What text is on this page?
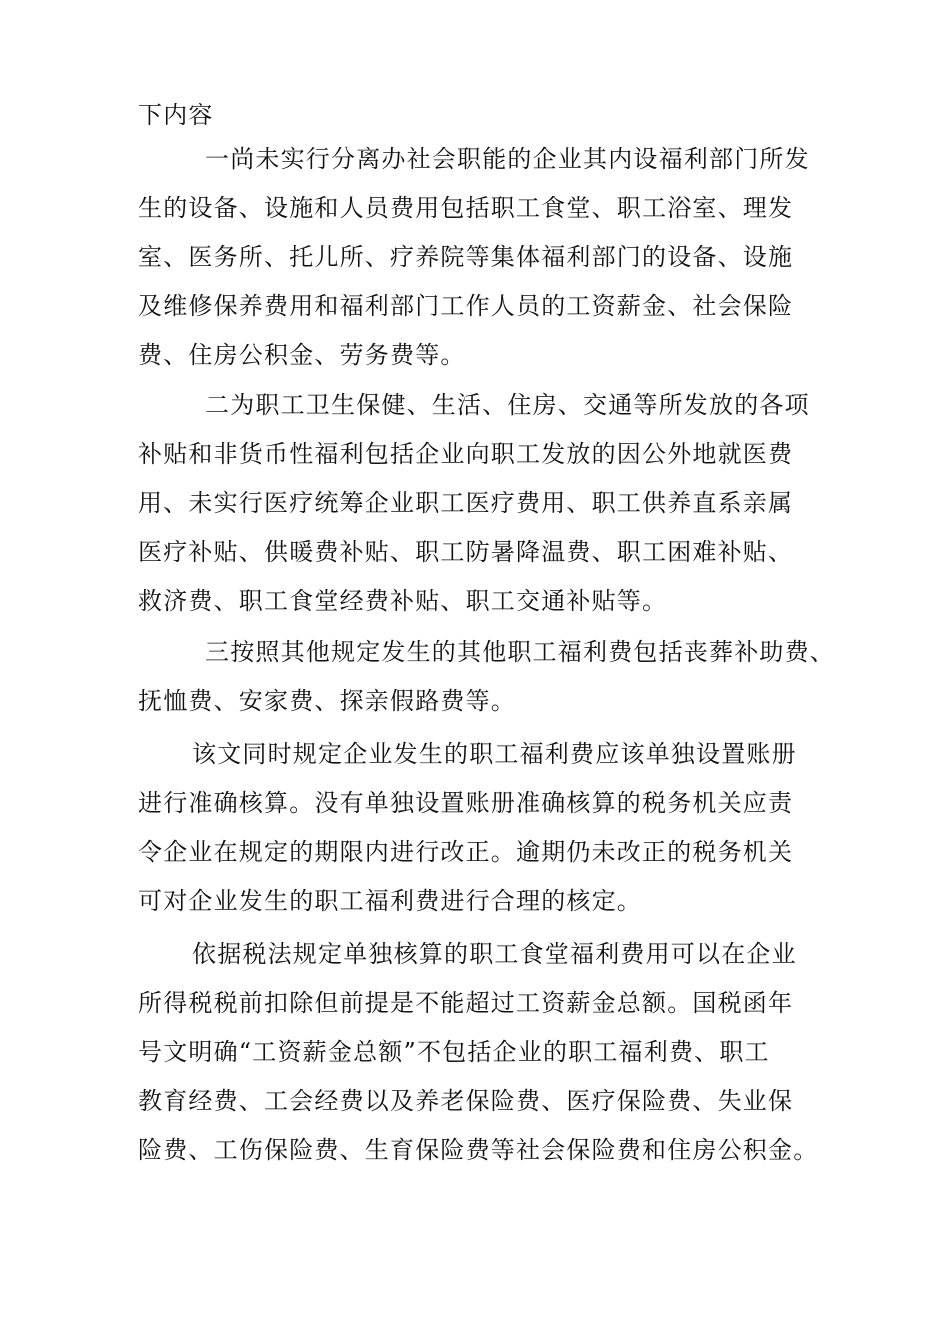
下内容

一尚未实行分离办社会职能的企业其内设福利部门所发

生的设备、设施和人员费用包括职工食堂、职工浴室、理发

室、医务所、托儿所、疗养院等集体福利部门的设备、设施

及维修保养费用和福利部门工作人员的工资薪金、社会保险

费、住房公积金、劳务费等。

二为职工卫生保健、生活、住房、交通等所发放的各项

补贴和非货币性福利包括企业向职工发放的因公外地就医费

用、未实行医疗统筹企业职工医疗费用、职工供养直系亲属

医疗补贴、供暖费补贴、职工防暑降温费、职工困难补贴、

救济费、职工食堂经费补贴、职工交通补贴等。

三按照其他规定发生的其他职工福利费包括丧葬补助费、

抚恤费、安家费、探亲假路费等。

该文同时规定企业发生的职工福利费应该单独设置账册

进行准确核算。没有单独设置账册准确核算的税务机关应责

令企业在规定的期限内进行改正。逾期仍未改正的税务机关

可对企业发生的职工福利费进行合理的核定。

依据税法规定单独核算的职工食堂福利费用可以在企业

所得税税前扣除但前提是不能超过工资薪金总额。国税函年

号文明确“工资薪金总额”不包括企业的职工福利费、职工

教育经费、工会经费以及养老保险费、医疗保险费、失业保

险费、工伤保险费、生育保险费等社会保险费和住房公积金。
